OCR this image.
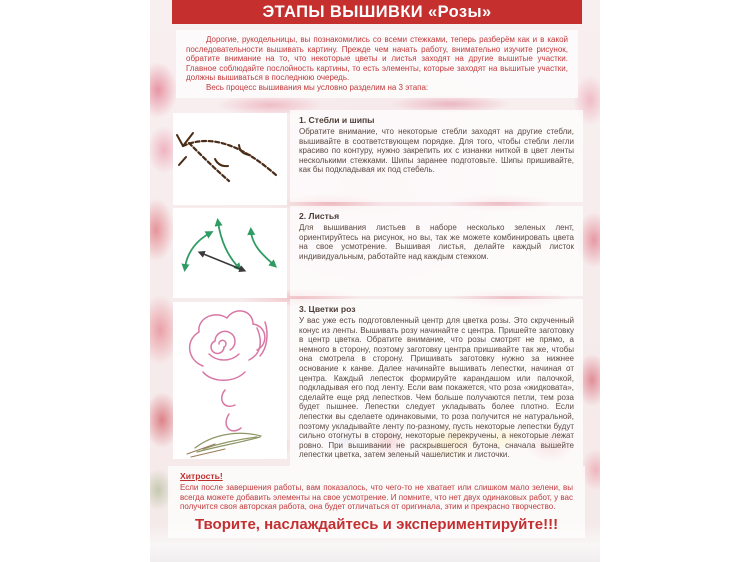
ЭТАПЫ ВЫШИВКИ «Розы»

Дорогие, рукодельницы, вы познакомились со всеми стежками, теперь разберём как и в какой последовательности вышивать картину. Прежде чем начать работу, внимательно изучите рисунок, обратите внимание на то, что некоторые цветы и листья заходят на другие вышитые участки. Главное соблюдайте послойность картины, то есть элементы, которые заходят на вышитые участки, должны вышиваться в последнюю очередь.

Весь процесс вышивания мы условно разделим на 3 этапа:

1. Стебли и шипы

Обратите внимание, что некоторые стебли заходят на другие стебли, вышивайте в соответствующем порядке. Для того, чтобы стебли легли красиво по контуру, нужно закрепить их с изнанки ниткой в цвет ленты несколькими стежками. Шипы заранее подготовьте. Шипы пришивайте, как бы подкладывая их под стебель.

2. Листья

Для вышивания листьев в наборе несколько зеленых лент, ориентируйтесь на рисунок, но вы, так же можете комбинировать цвета на свое усмотрение. Вышивая листья, делайте каждый листок индивидуальным, работайте над каждым стежком.

3. Цветки роз

У вас уже есть подготовленный центр для цветка розы. Это скрученный конус из ленты. Вышивать розу начинайте с центра. Пришейте заготовку в центр цветка. Обратите внимание, что розы смотрят не прямо, а немного в сторону, поэтому заготовку центра пришивайте так же, чтобы она смотрела в сторону. Пришивать заготовку нужно за нижнее основание к канве. Далее начинайте вышивать лепестки, начиная от центра. Каждый лепесток формируйте карандашом или палочкой, подкладывая его под ленту. Если вам покажется, что роза «жидковата», сделайте еще ряд лепестков. Чем больше получаются петли, тем роза будет пышнее. Лепестки следует укладывать более плотно. Если лепестки вы сделаете одинаковыми, то роза получится не натуральной, поэтому укладывайте ленту по-разному, пусть некоторые лепестки будут сильно отогнуты в сторону, некоторые перекручены, а некоторые лежат ровно. При вышивании не раскрывшегося бутона, сначала вышейте лепестки цветка, затем зеленый чашелистик и листочки.

Хитрость!

Если после завершения работы, вам показалось, что чего-то не хватает или слишком мало зелени, вы всегда можете добавить элементы на свое усмотрение. И помните, что нет двух одинаковых работ, у вас получится своя авторская работа, она будет отличаться от оригинала, этим и прекрасно творчество.

Творите, наслаждайтесь и экспериментируйте!!!
